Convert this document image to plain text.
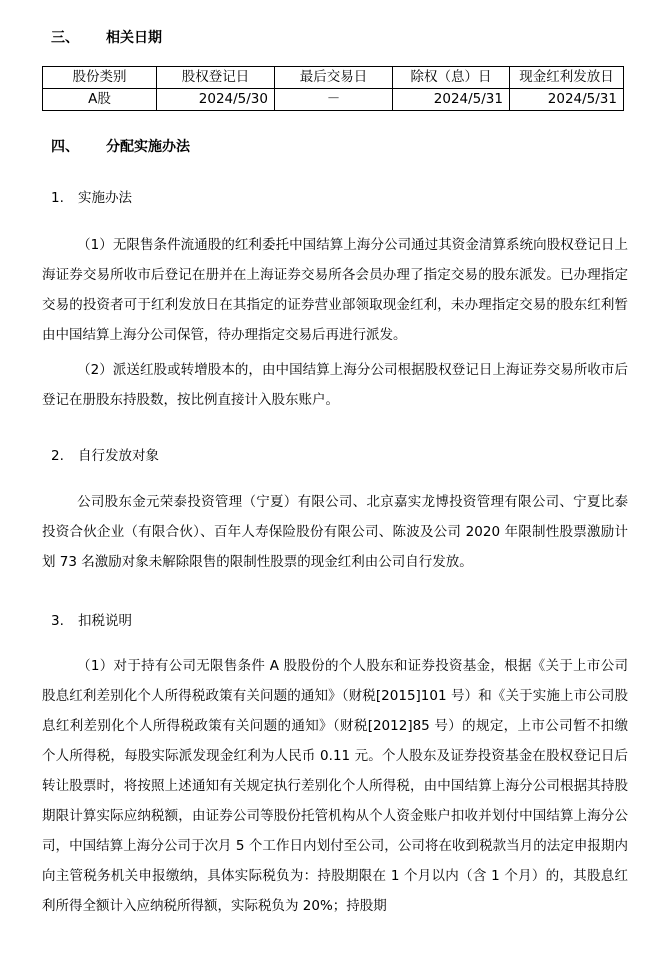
三、 相关日期
股份类别	股权登记日	最后交易日	除权（息）日	现金红利发放日
A股	2024/5/30	－	2024/5/31	2024/5/31
四、 分配实施办法
1. 实施办法

（1）无限售条件流通股的红利委托中国结算上海分公司通过其资金清算系统向股权登记日上海证券交易所收市后登记在册并在上海证券交易所各会员办理了指定交易的股东派发。已办理指定交易的投资者可于红利发放日在其指定的证券营业部领取现金红利，未办理指定交易的股东红利暂由中国结算上海分公司保管，待办理指定交易后再进行派发。

（2）派送红股或转增股本的，由中国结算上海分公司根据股权登记日上海证券交易所收市后登记在册股东持股数，按比例直接计入股东账户。

2. 自行发放对象

公司股东金元荣泰投资管理（宁夏）有限公司、北京嘉实龙博投资管理有限公司、宁夏比泰投资合伙企业（有限合伙）、百年人寿保险股份有限公司、陈波及公司 2020 年限制性股票激励计划 73 名激励对象未解除限售的限制性股票的现金红利由公司自行发放。

3. 扣税说明

（1）对于持有公司无限售条件 A 股股份的个人股东和证券投资基金，根据《关于上市公司股息红利差别化个人所得税政策有关问题的通知》（财税[2015]101 号）和《关于实施上市公司股息红利差别化个人所得税政策有关问题的通知》（财税[2012]85 号）的规定，上市公司暂不扣缴个人所得税，每股实际派发现金红利为人民币 0.11 元。个人股东及证券投资基金在股权登记日后转让股票时，将按照上述通知有关规定执行差别化个人所得税，由中国结算上海分公司根据其持股期限计算实际应纳税额，由证券公司等股份托管机构从个人资金账户扣收并划付中国结算上海分公司，中国结算上海分公司于次月 5 个工作日内划付至公司，公司将在收到税款当月的法定申报期内向主管税务机关申报缴纳，具体实际税负为：持股期限在 1 个月以内（含 1 个月）的，其股息红利所得全额计入应纳税所得额，实际税负为 20%；持股期
